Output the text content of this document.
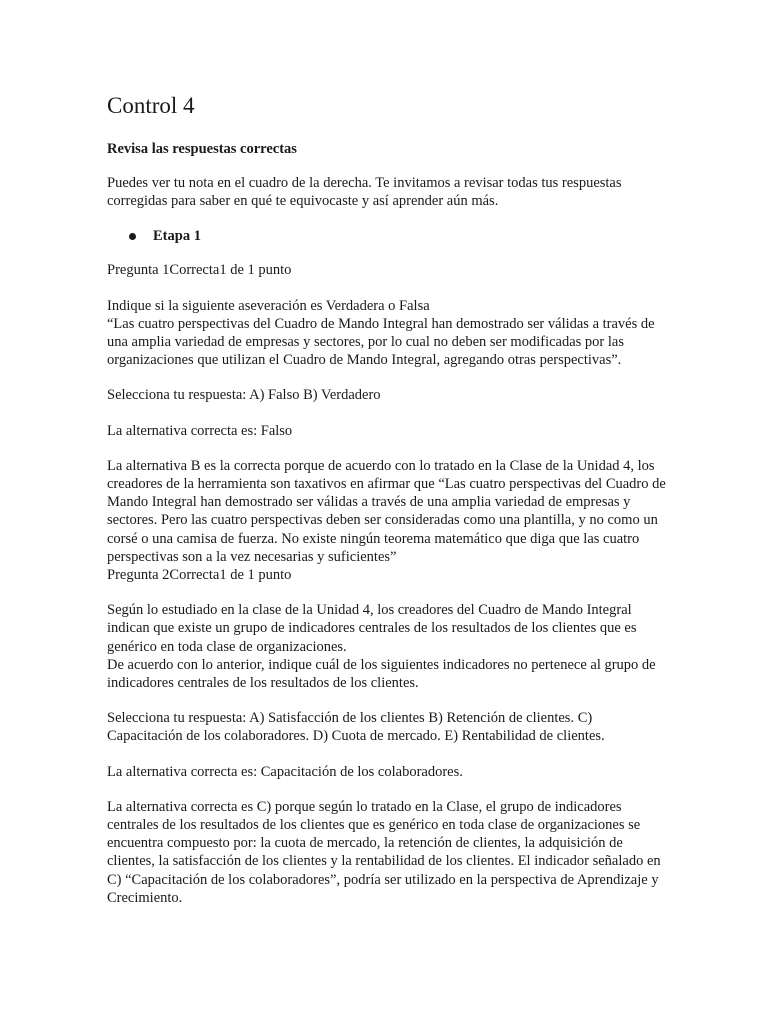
Control 4
Revisa las respuestas correctas

Puedes ver tu nota en el cuadro de la derecha. Te invitamos a revisar todas tus respuestas corregidas para saber en qué te equivocaste y así aprender aún más.

Etapa 1

Pregunta 1Correcta1 de 1 punto

Indique si la siguiente aseveración es Verdadera o Falsa

“Las cuatro perspectivas del Cuadro de Mando Integral han demostrado ser válidas a través de una amplia variedad de empresas y sectores, por lo cual no deben ser modificadas por las organizaciones que utilizan el Cuadro de Mando Integral, agregando otras perspectivas”.

Selecciona tu respuesta: A) Falso B) Verdadero

La alternativa correcta es: Falso

La alternativa B es la correcta porque de acuerdo con lo tratado en la Clase de la Unidad 4, los creadores de la herramienta son taxativos en afirmar que “Las cuatro perspectivas del Cuadro de Mando Integral han demostrado ser válidas a través de una amplia variedad de empresas y sectores. Pero las cuatro perspectivas deben ser consideradas como una plantilla, y no como un corsé o una camisa de fuerza. No existe ningún teorema matemático que diga que las cuatro perspectivas son a la vez necesarias y suficientes”

Pregunta 2Correcta1 de 1 punto

Según lo estudiado en la clase de la Unidad 4, los creadores del Cuadro de Mando Integral indican que existe un grupo de indicadores centrales de los resultados de los clientes que es genérico en toda clase de organizaciones.

De acuerdo con lo anterior, indique cuál de los siguientes indicadores no pertenece al grupo de indicadores centrales de los resultados de los clientes.

Selecciona tu respuesta: A) Satisfacción de los clientes B) Retención de clientes. C) Capacitación de los colaboradores. D) Cuota de mercado. E) Rentabilidad de clientes.

La alternativa correcta es: Capacitación de los colaboradores.

La alternativa correcta es C) porque según lo tratado en la Clase, el grupo de indicadores centrales de los resultados de los clientes que es genérico en toda clase de organizaciones se encuentra compuesto por: la cuota de mercado, la retención de clientes, la adquisición de clientes, la satisfacción de los clientes y la rentabilidad de los clientes. El indicador señalado en C) “Capacitación de los colaboradores”, podría ser utilizado en la perspectiva de Aprendizaje y Crecimiento.
